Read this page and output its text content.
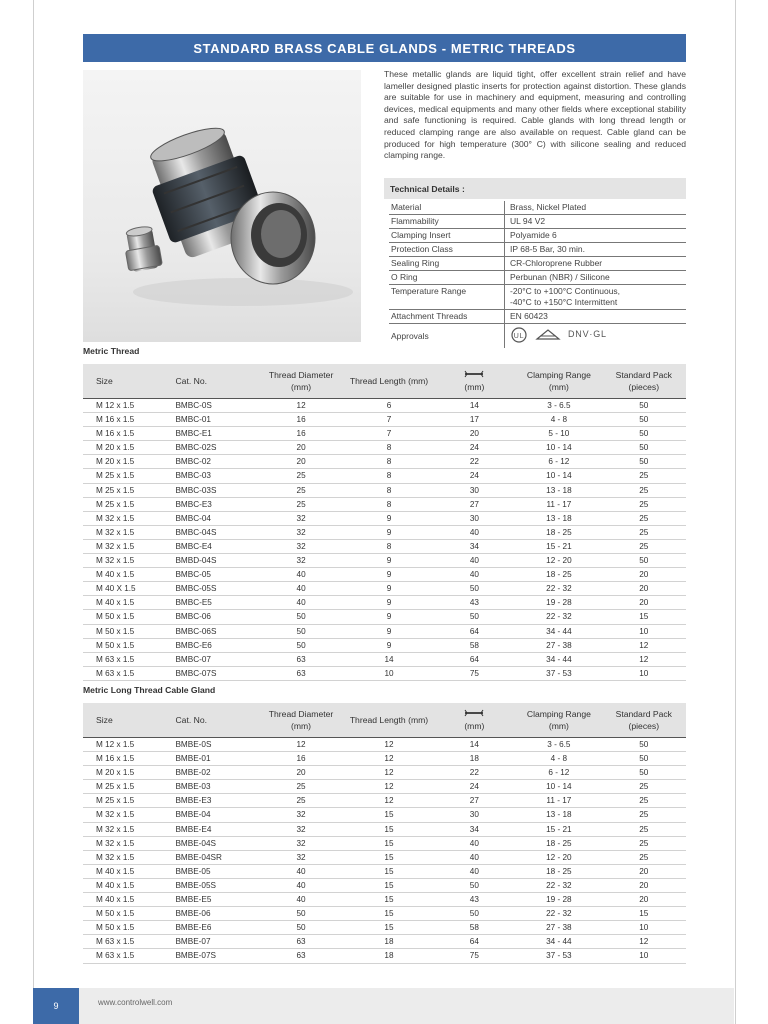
STANDARD BRASS CABLE GLANDS - METRIC THREADS

These metallic glands are liquid tight, offer excellent strain relief and have lameller designed plastic inserts for protection against distortion. These glands are suitable for use in machinery and equipment, measuring and controlling devices, medical equipments and many other fields where exceptional stability and safe functioning is required. Cable glands with long thread length or reduced clamping range are also available on request. Cable gland can be produced for high temperature (300° C) with silicone sealing and reduced clamping range.

Technical Details :
Material	Brass, Nickel Plated

Flammability	UL 94 V2

Clamping Insert	Polyamide 6

Protection Class	IP 68-5 Bar, 30 min.

Sealing Ring	CR-Chloroprene Rubber

O Ring	Perbunan (NBR) / Silicone

Temperature Range	-20°C to +100°C Continuous,
-40°C to +150°C Intermittent

Attachment Threads	EN 60423

Approvals	UL DNV·GL
Metric Thread
Size	Cat. No.	Thread Diameter (mm)	Thread Length (mm)	(mm)	Clamping Range (mm)	Standard Pack (pieces)
M 12 x 1.5	BMBC-0S	12	6	14	3 - 6.5	50
M 16 x 1.5	BMBC-01	16	7	17	4 - 8	50
M 16 x 1.5	BMBC-E1	16	7	20	5 - 10	50
M 20 x 1.5	BMBC-02S	20	8	24	10 - 14	50
M 20 x 1.5	BMBC-02	20	8	22	6 - 12	50
M 25 x 1.5	BMBC-03	25	8	24	10 - 14	25
M 25 x 1.5	BMBC-03S	25	8	30	13 - 18	25
M 25 x 1.5	BMBC-E3	25	8	27	11 - 17	25
M 32 x 1.5	BMBC-04	32	9	30	13 - 18	25
M 32 x 1.5	BMBC-04S	32	9	40	18 - 25	25
M 32 x 1.5	BMBC-E4	32	8	34	15 - 21	25
M 32 x 1.5	BMBD-04S	32	9	40	12 - 20	50
M 40 x 1.5	BMBC-05	40	9	40	18 - 25	20
M 40 X 1.5	BMBC-05S	40	9	50	22 - 32	20
M 40 x 1.5	BMBC-E5	40	9	43	19 - 28	20
M 50 x 1.5	BMBC-06	50	9	50	22 - 32	15
M 50 x 1.5	BMBC-06S	50	9	64	34 - 44	10
M 50 x 1.5	BMBC-E6	50	9	58	27 - 38	12
M 63 x 1.5	BMBC-07	63	14	64	34 - 44	12
M 63 x 1.5	BMBC-07S	63	10	75	37 - 53	10
Metric Long Thread Cable Gland
Size	Cat. No.	Thread Diameter (mm)	Thread Length (mm)	(mm)	Clamping Range (mm)	Standard Pack (pieces)
M 12 x 1.5	BMBE-0S	12	12	14	3 - 6.5	50
M 16 x 1.5	BMBE-01	16	12	18	4 - 8	50
M 20 x 1.5	BMBE-02	20	12	22	6 - 12	50
M 25 x 1.5	BMBE-03	25	12	24	10 - 14	25
M 25 x 1.5	BMBE-E3	25	12	27	11 - 17	25
M 32 x 1.5	BMBE-04	32	15	30	13 - 18	25
M 32 x 1.5	BMBE-E4	32	15	34	15 - 21	25
M 32 x 1.5	BMBE-04S	32	15	40	18 - 25	25
M 32 x 1.5	BMBE-04SR	32	15	40	12 - 20	25
M 40 x 1.5	BMBE-05	40	15	40	18 - 25	20
M 40 x 1.5	BMBE-05S	40	15	50	22 - 32	20
M 40 x 1.5	BMBE-E5	40	15	43	19 - 28	20
M 50 x 1.5	BMBE-06	50	15	50	22 - 32	15
M 50 x 1.5	BMBE-E6	50	15	58	27 - 38	10
M 63 x 1.5	BMBE-07	63	18	64	34 - 44	12
M 63 x 1.5	BMBE-07S	63	18	75	37 - 53	10
9	www.controlwell.com
